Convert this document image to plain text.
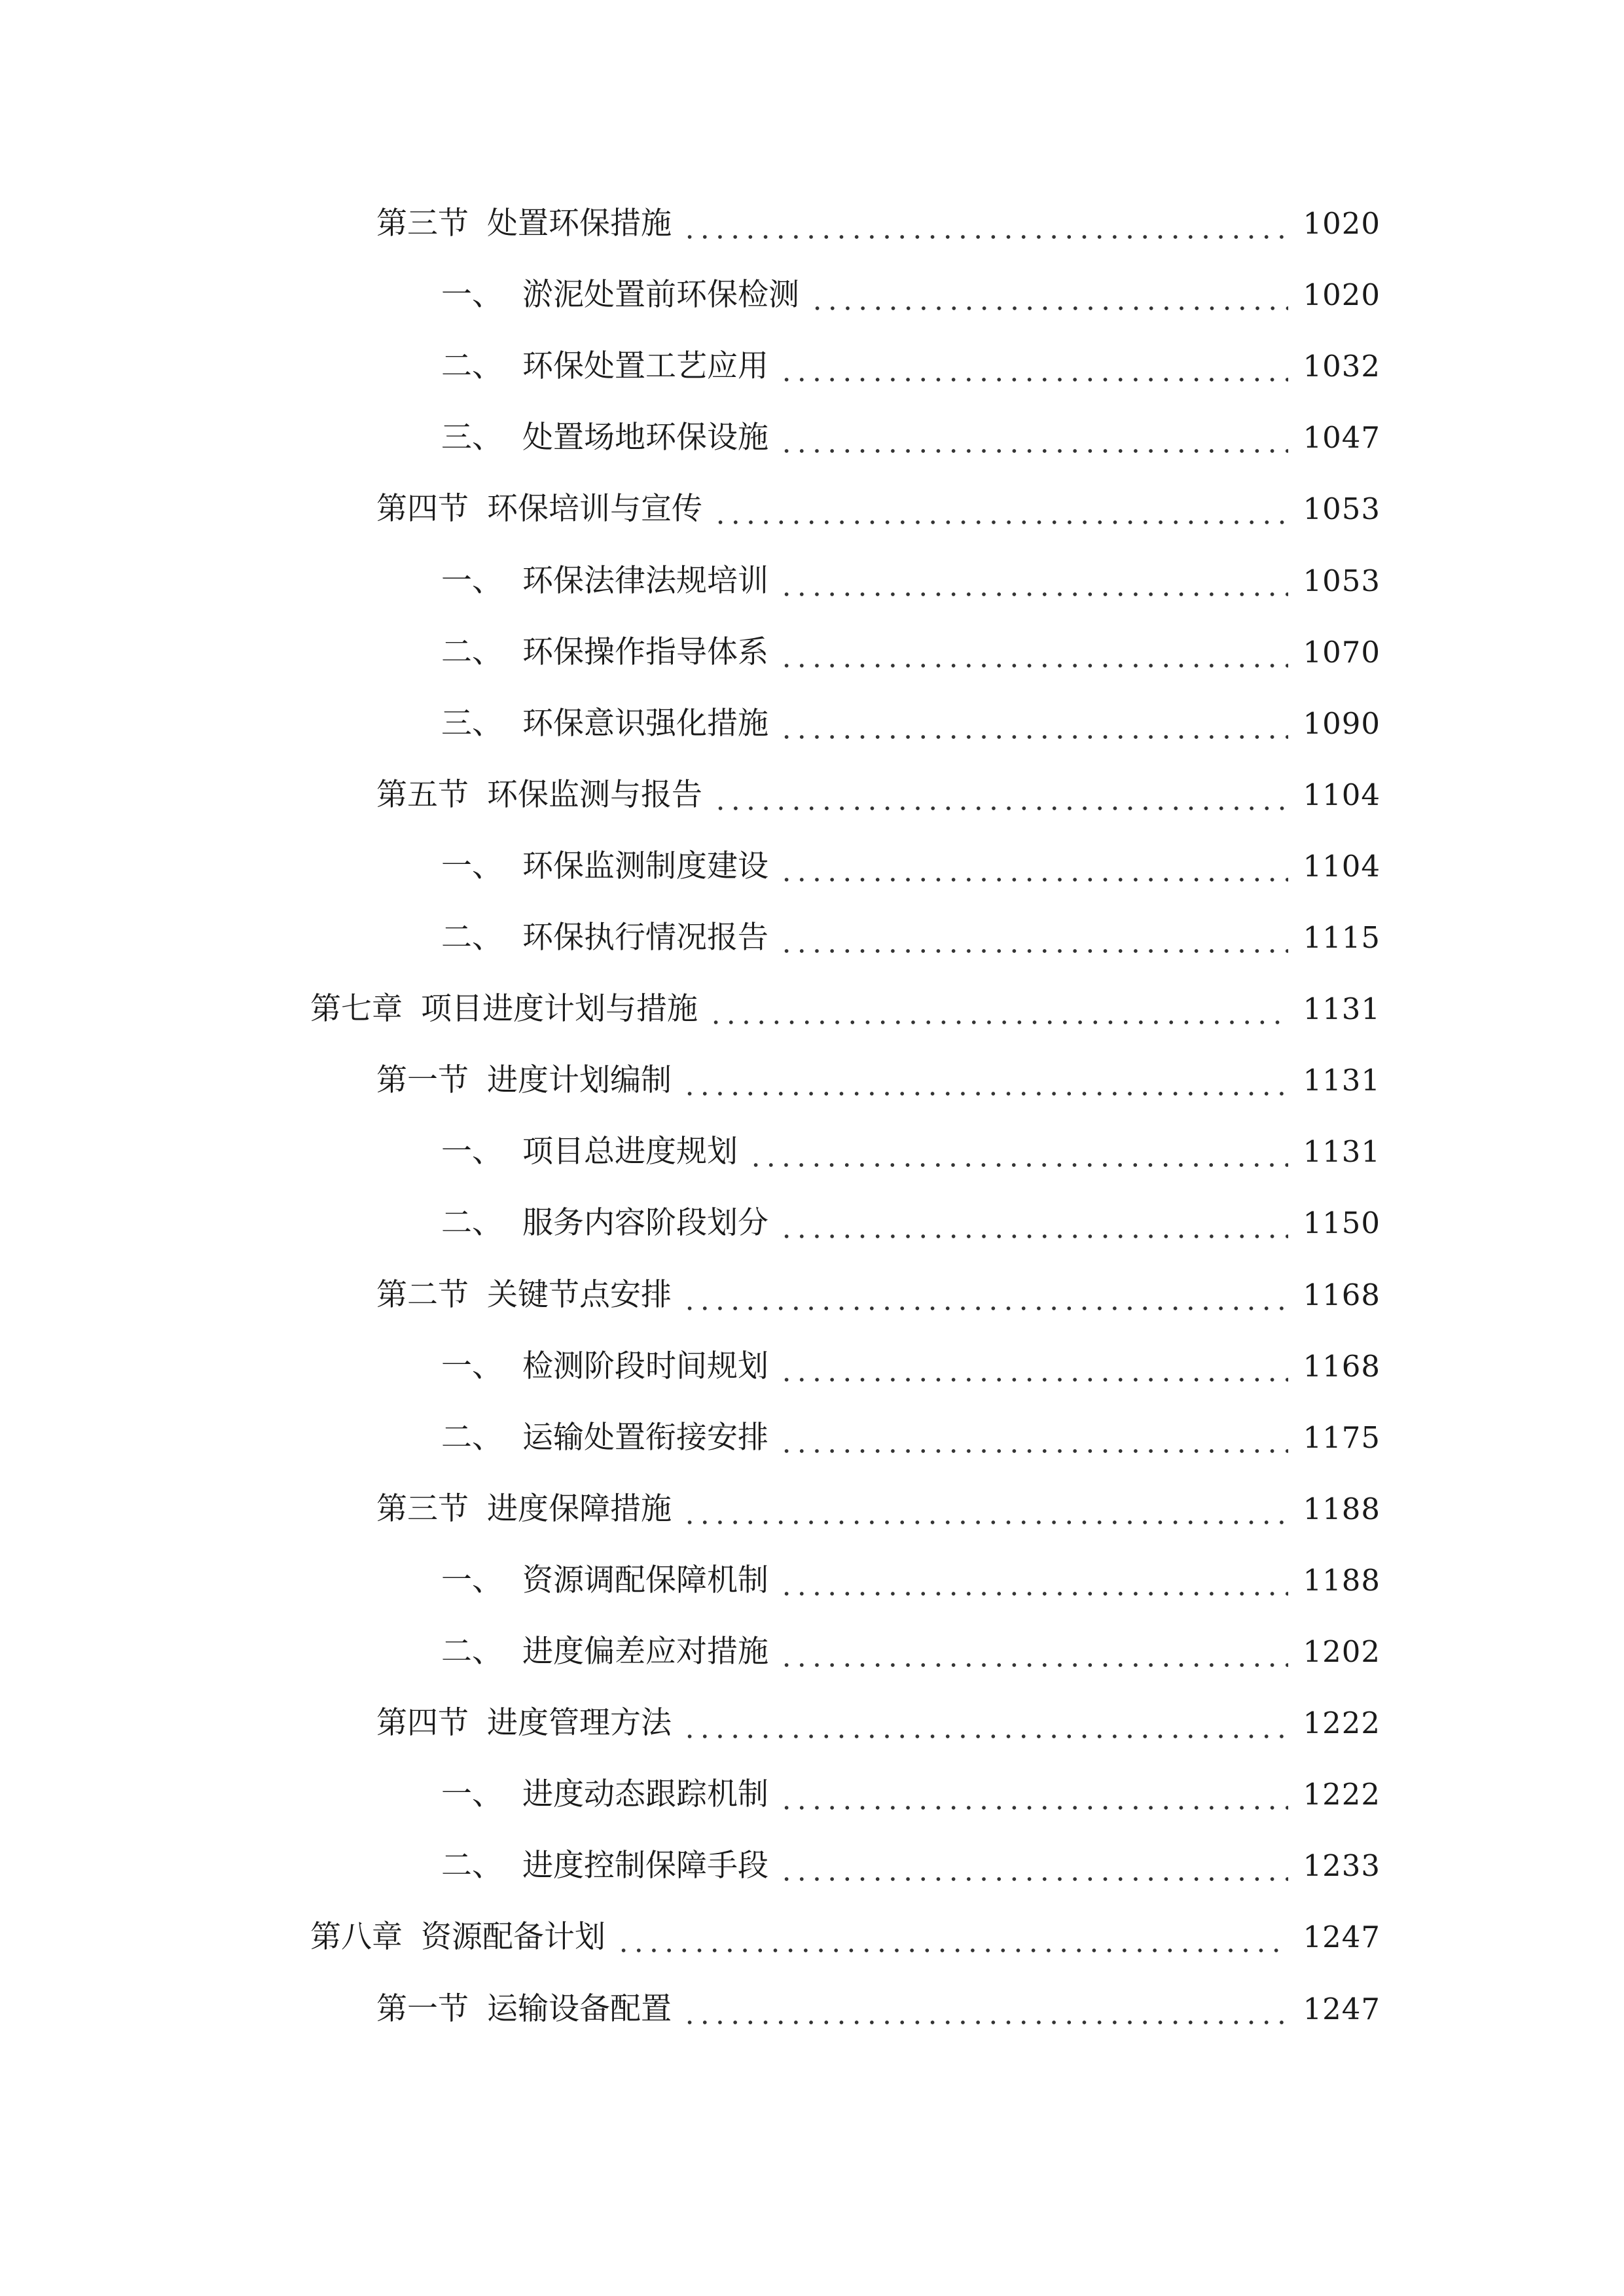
第三节 处置环保措施	1020
一、 淤泥处置前环保检测	1020
二、 环保处置工艺应用	1032
三、 处置场地环保设施	1047
第四节 环保培训与宣传	1053
一、 环保法律法规培训	1053
二、 环保操作指导体系	1070
三、 环保意识强化措施	1090
第五节 环保监测与报告	1104
一、 环保监测制度建设	1104
二、 环保执行情况报告	1115
第七章 项目进度计划与措施	1131
第一节 进度计划编制	1131
一、 项目总进度规划	1131
二、 服务内容阶段划分	1150
第二节 关键节点安排	1168
一、 检测阶段时间规划	1168
二、 运输处置衔接安排	1175
第三节 进度保障措施	1188
一、 资源调配保障机制	1188
二、 进度偏差应对措施	1202
第四节 进度管理方法	1222
一、 进度动态跟踪机制	1222
二、 进度控制保障手段	1233
第八章 资源配备计划	1247
第一节 运输设备配置	1247
